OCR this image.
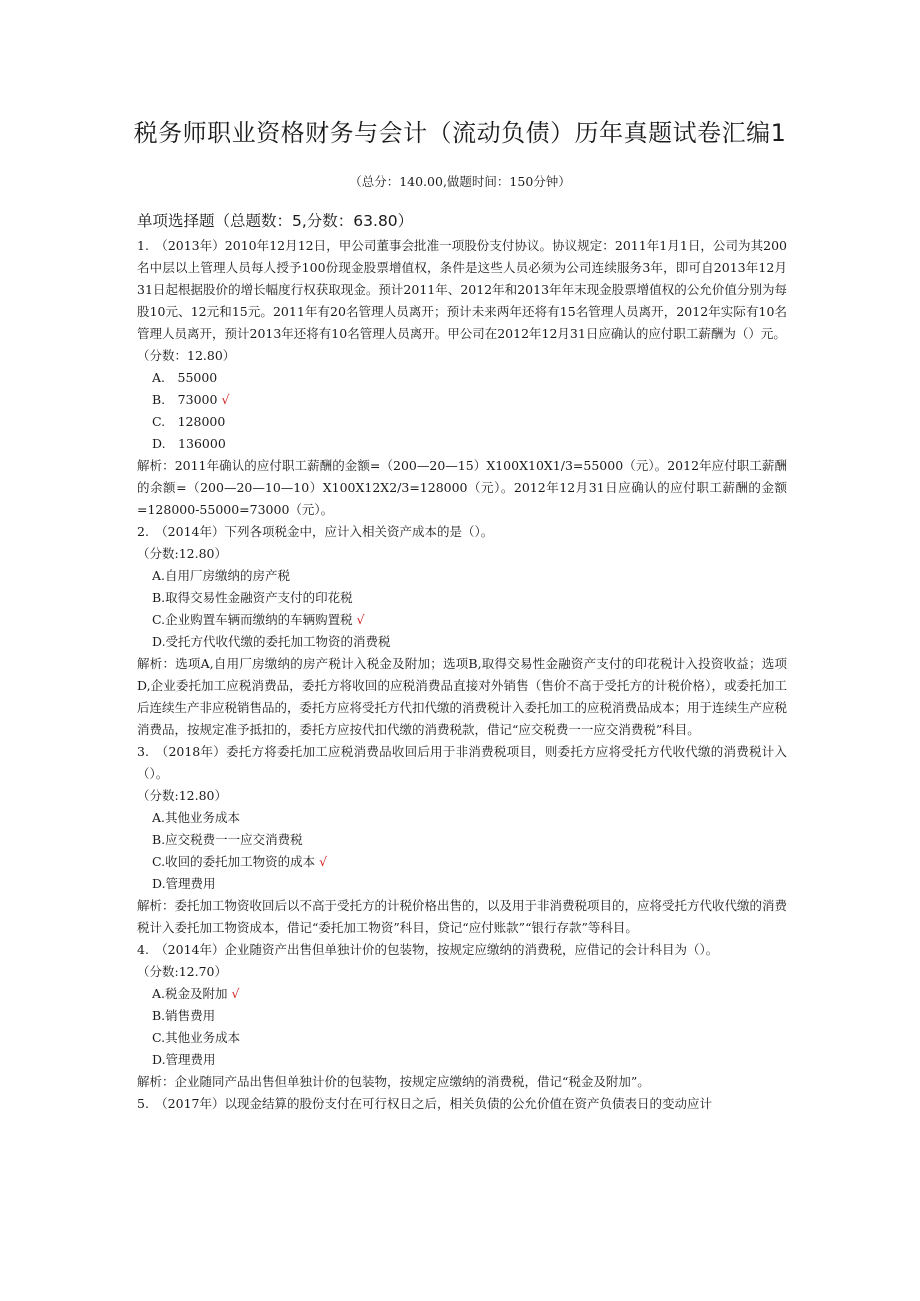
税务师职业资格财务与会计（流动负债）历年真题试卷汇编1
（总分：140.00,做题时间：150分钟）
单项选择题（总题数：5,分数：63.80）

1.　（2013年）2010年12月12日，甲公司董事会批准一项股份支付协议。协议规定：2011年1月1日，公司为其200名中层以上管理人员每人授予100份现金股票增值权，条件是这些人员必须为公司连续服务3年，即可自2013年12月31日起根据股价的增长幅度行权获取现金。预计2011年、2012年和2013年年末现金股票增值权的公允价值分别为每股10元、12元和15元。2011年有20名管理人员离开；预计未来两年还将有15名管理人员离开，2012年实际有10名管理人员离开，预计2013年还将有10名管理人员离开。甲公司在2012年12月31日应确认的应付职工薪酬为（）元。

（分数：12.80）

A.　55000

B.　73000 √

C.　128000

D.　136000

解析：2011年确认的应付职工薪酬的金额=（200—20—15）X100X10X1/3=55000（元）。2012年应付职工薪酬的余额=（200—20—10—10）X100X12X2/3=128000（元）。2012年12月31日应确认的应付职工薪酬的金额=128000-55000=73000（元）。

2.　（2014年）下列各项税金中，应计入相关资产成本的是（）。

（分数:12.80）

A.自用厂房缴纳的房产税

B.取得交易性金融资产支付的印花税

C.企业购置车辆而缴纳的车辆购置税 √

D.受托方代收代缴的委托加工物资的消费税

解析：选项A,自用厂房缴纳的房产税计入税金及附加；选项B,取得交易性金融资产支付的印花税计入投资收益；选项D,企业委托加工应税消费品，委托方将收回的应税消费品直接对外销售（售价不高于受托方的计税价格），或委托加工后连续生产非应税销售品的，委托方应将受托方代扣代缴的消费税计入委托加工的应税消费品成本；用于连续生产应税消费品，按规定准予抵扣的，委托方应按代扣代缴的消费税款，借记“应交税费一一应交消费税”科目。

3.　（2018年）委托方将委托加工应税消费品收回后用于非消费税项目，则委托方应将受托方代收代缴的消费税计入（）。

（分数:12.80）

A.其他业务成本

B.应交税费一一应交消费税

C.收回的委托加工物资的成本 √

D.管理费用

解析：委托加工物资收回后以不高于受托方的计税价格出售的，以及用于非消费税项目的，应将受托方代收代缴的消费税计入委托加工物资成本，借记“委托加工物资”科目，贷记“应付账款”“银行存款”等科目。

4.　（2014年）企业随资产出售但单独计价的包装物，按规定应缴纳的消费税，应借记的会计科目为（）。

（分数:12.70）

A.税金及附加 √

B.销售费用

C.其他业务成本

D.管理费用

解析：企业随同产品出售但单独计价的包装物，按规定应缴纳的消费税，借记“税金及附加”。

5.　（2017年）以现金结算的股份支付在可行权日之后，相关负债的公允价值在资产负债表日的变动应计
